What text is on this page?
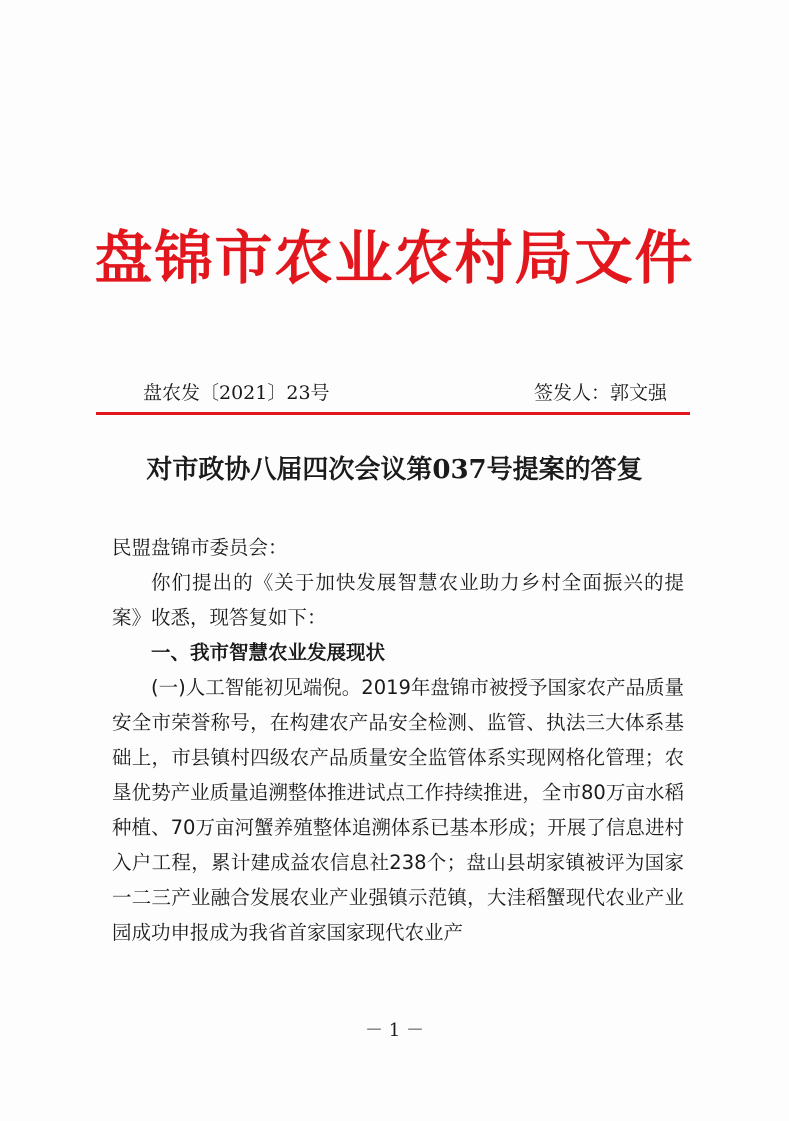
盘锦市农业农村局文件
盘农发〔2021〕23号	签发人：郭文强
对市政协八届四次会议第037号提案的答复

民盟盘锦市委员会：

你们提出的《关于加快发展智慧农业助力乡村全面振兴的提案》收悉，现答复如下：

一、我市智慧农业发展现状

(一)人工智能初见端倪。2019年盘锦市被授予国家农产品质量安全市荣誉称号，在构建农产品安全检测、监管、执法三大体系基础上，市县镇村四级农产品质量安全监管体系实现网格化管理；农垦优势产业质量追溯整体推进试点工作持续推进，全市80万亩水稻种植、70万亩河蟹养殖整体追溯体系已基本形成；开展了信息进村入户工程，累计建成益农信息社238个；盘山县胡家镇被评为国家一二三产业融合发展农业产业强镇示范镇，大洼稻蟹现代农业产业园成功申报成为我省首家国家现代农业产

－ 1 －
